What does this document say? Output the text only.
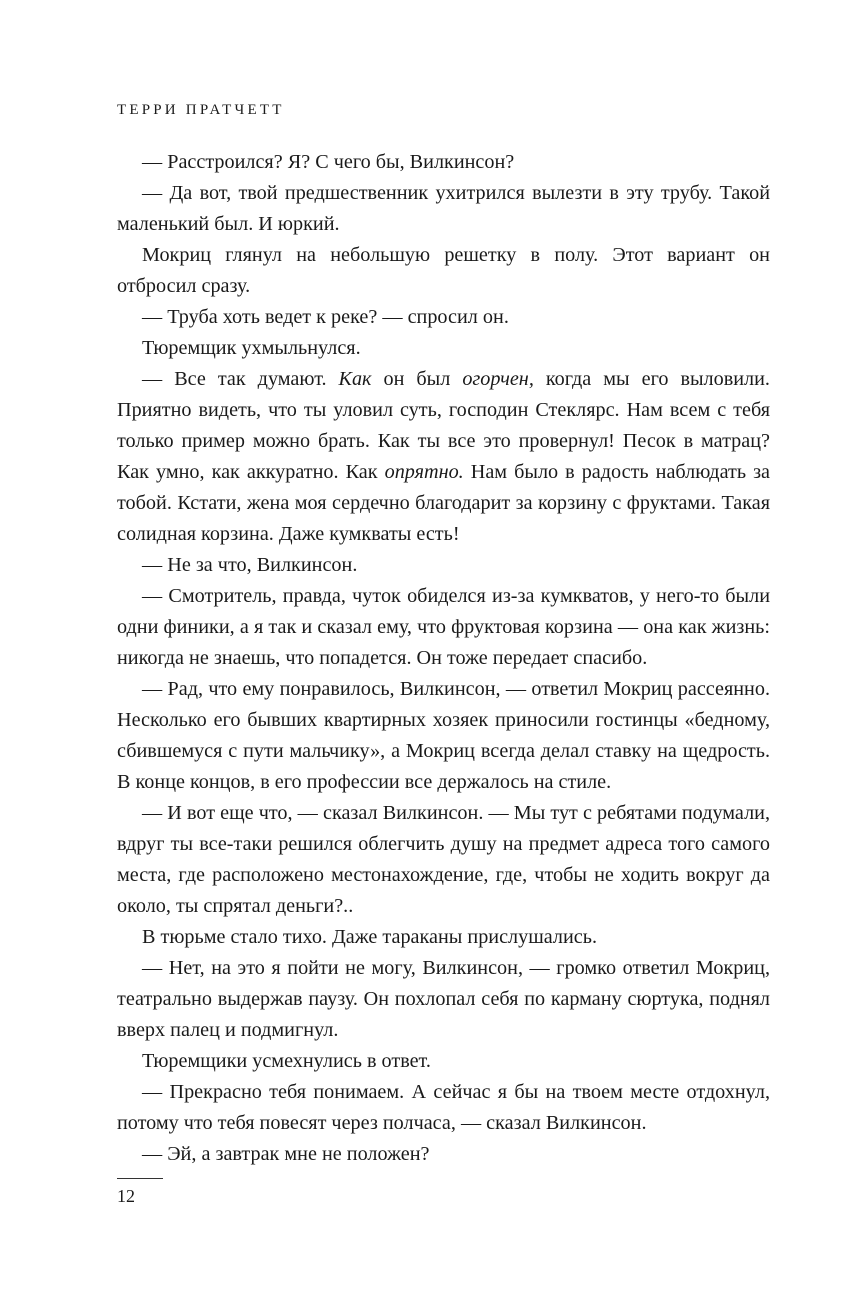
ТЕРРИ ПРАТЧЕТТ

— Расстроился? Я? С чего бы, Вилкинсон?

— Да вот, твой предшественник ухитрился вылезти в эту трубу. Такой маленький был. И юркий.

Мокриц глянул на небольшую решетку в полу. Этот вариант он отбросил сразу.

— Труба хоть ведет к реке? — спросил он.

Тюремщик ухмыльнулся.

— Все так думают. Как он был огорчен, когда мы его выловили. Приятно видеть, что ты уловил суть, господин Стеклярс. Нам всем с тебя только пример можно брать. Как ты все это провернул! Песок в матрац? Как умно, как аккуратно. Как опрятно. Нам было в радость наблюдать за тобой. Кстати, жена моя сердечно благодарит за корзину с фруктами. Такая солидная корзина. Даже кумкваты есть!

— Не за что, Вилкинсон.

— Смотритель, правда, чуток обиделся из-за кумкватов, у него-то были одни финики, а я так и сказал ему, что фруктовая корзина — она как жизнь: никогда не знаешь, что попадется. Он тоже передает спасибо.

— Рад, что ему понравилось, Вилкинсон, — ответил Мокриц рассеянно. Несколько его бывших квартирных хозяек приносили гостинцы «бедному, сбившемуся с пути мальчику», а Мокриц всегда делал ставку на щедрость. В конце концов, в его профессии все держалось на стиле.

— И вот еще что, — сказал Вилкинсон. — Мы тут с ребятами подумали, вдруг ты все-таки решился облегчить душу на предмет адреса того самого места, где расположено местонахождение, где, чтобы не ходить вокруг да около, ты спрятал деньги?..

В тюрьме стало тихо. Даже тараканы прислушались.

— Нет, на это я пойти не могу, Вилкинсон, — громко ответил Мокриц, театрально выдержав паузу. Он похлопал себя по карману сюртука, поднял вверх палец и подмигнул.

Тюремщики усмехнулись в ответ.

— Прекрасно тебя понимаем. А сейчас я бы на твоем месте отдохнул, потому что тебя повесят через полчаса, — сказал Вилкинсон.

— Эй, а завтрак мне не положен?

12
